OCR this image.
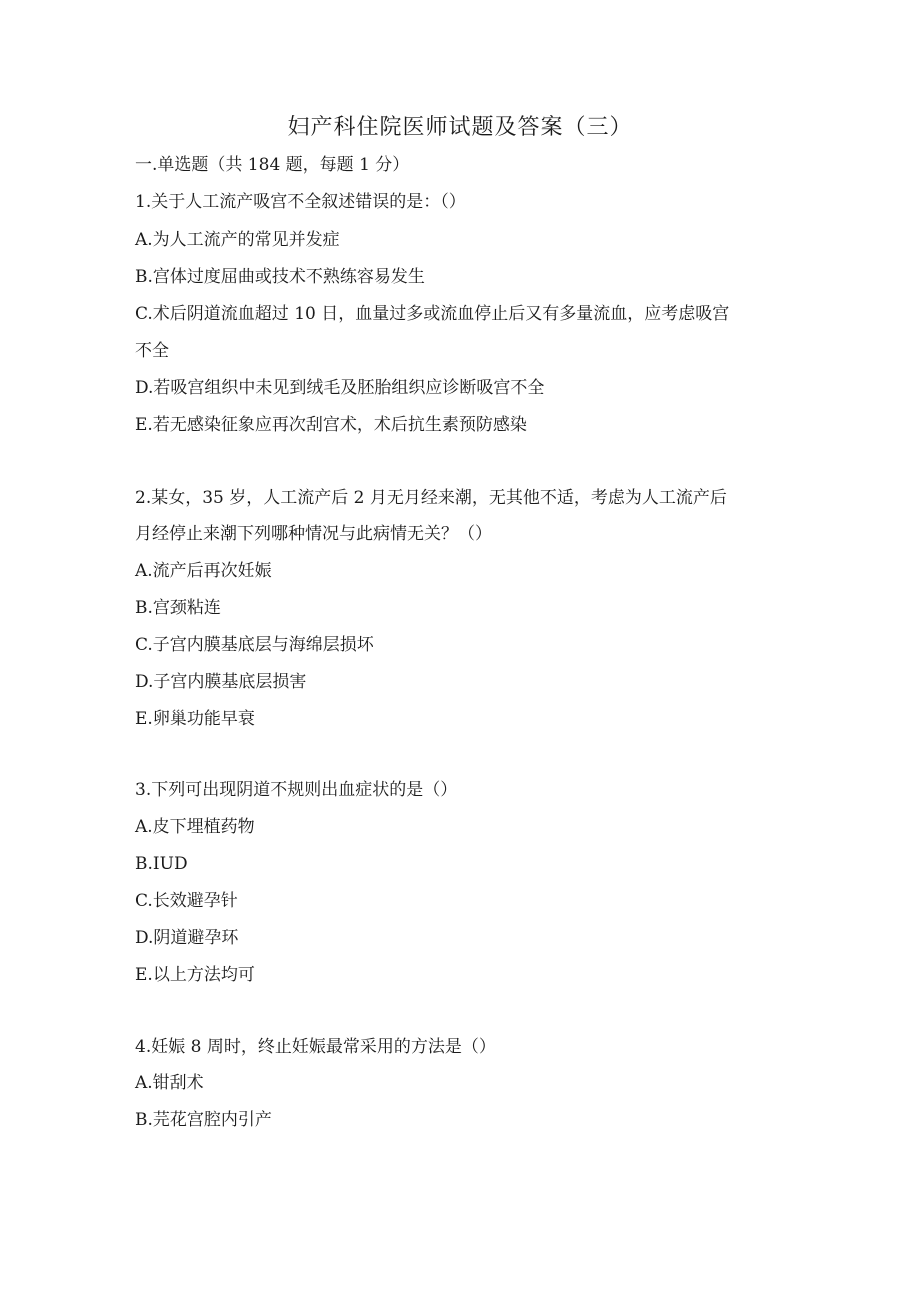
妇产科住院医师试题及答案（三）
一.单选题（共 184 题，每题 1 分）
1.关于人工流产吸宫不全叙述错误的是：（）
A.为人工流产的常见并发症
B.宫体过度屈曲或技术不熟练容易发生
C.术后阴道流血超过 10 日，血量过多或流血停止后又有多量流血，应考虑吸宫
不全
D.若吸宫组织中未见到绒毛及胚胎组织应诊断吸宫不全
E.若无感染征象应再次刮宫术，术后抗生素预防感染
2.某女，35 岁，人工流产后 2 月无月经来潮，无其他不适，考虑为人工流产后
月经停止来潮下列哪种情况与此病情无关？（）
A.流产后再次妊娠
B.宫颈粘连
C.子宫内膜基底层与海绵层损坏
D.子宫内膜基底层损害
E.卵巢功能早衰
3.下列可出现阴道不规则出血症状的是（）
A.皮下埋植药物
B.IUD
C.长效避孕针
D.阴道避孕环
E.以上方法均可
4.妊娠 8 周时，终止妊娠最常采用的方法是（）
A.钳刮术
B.芫花宫腔内引产
